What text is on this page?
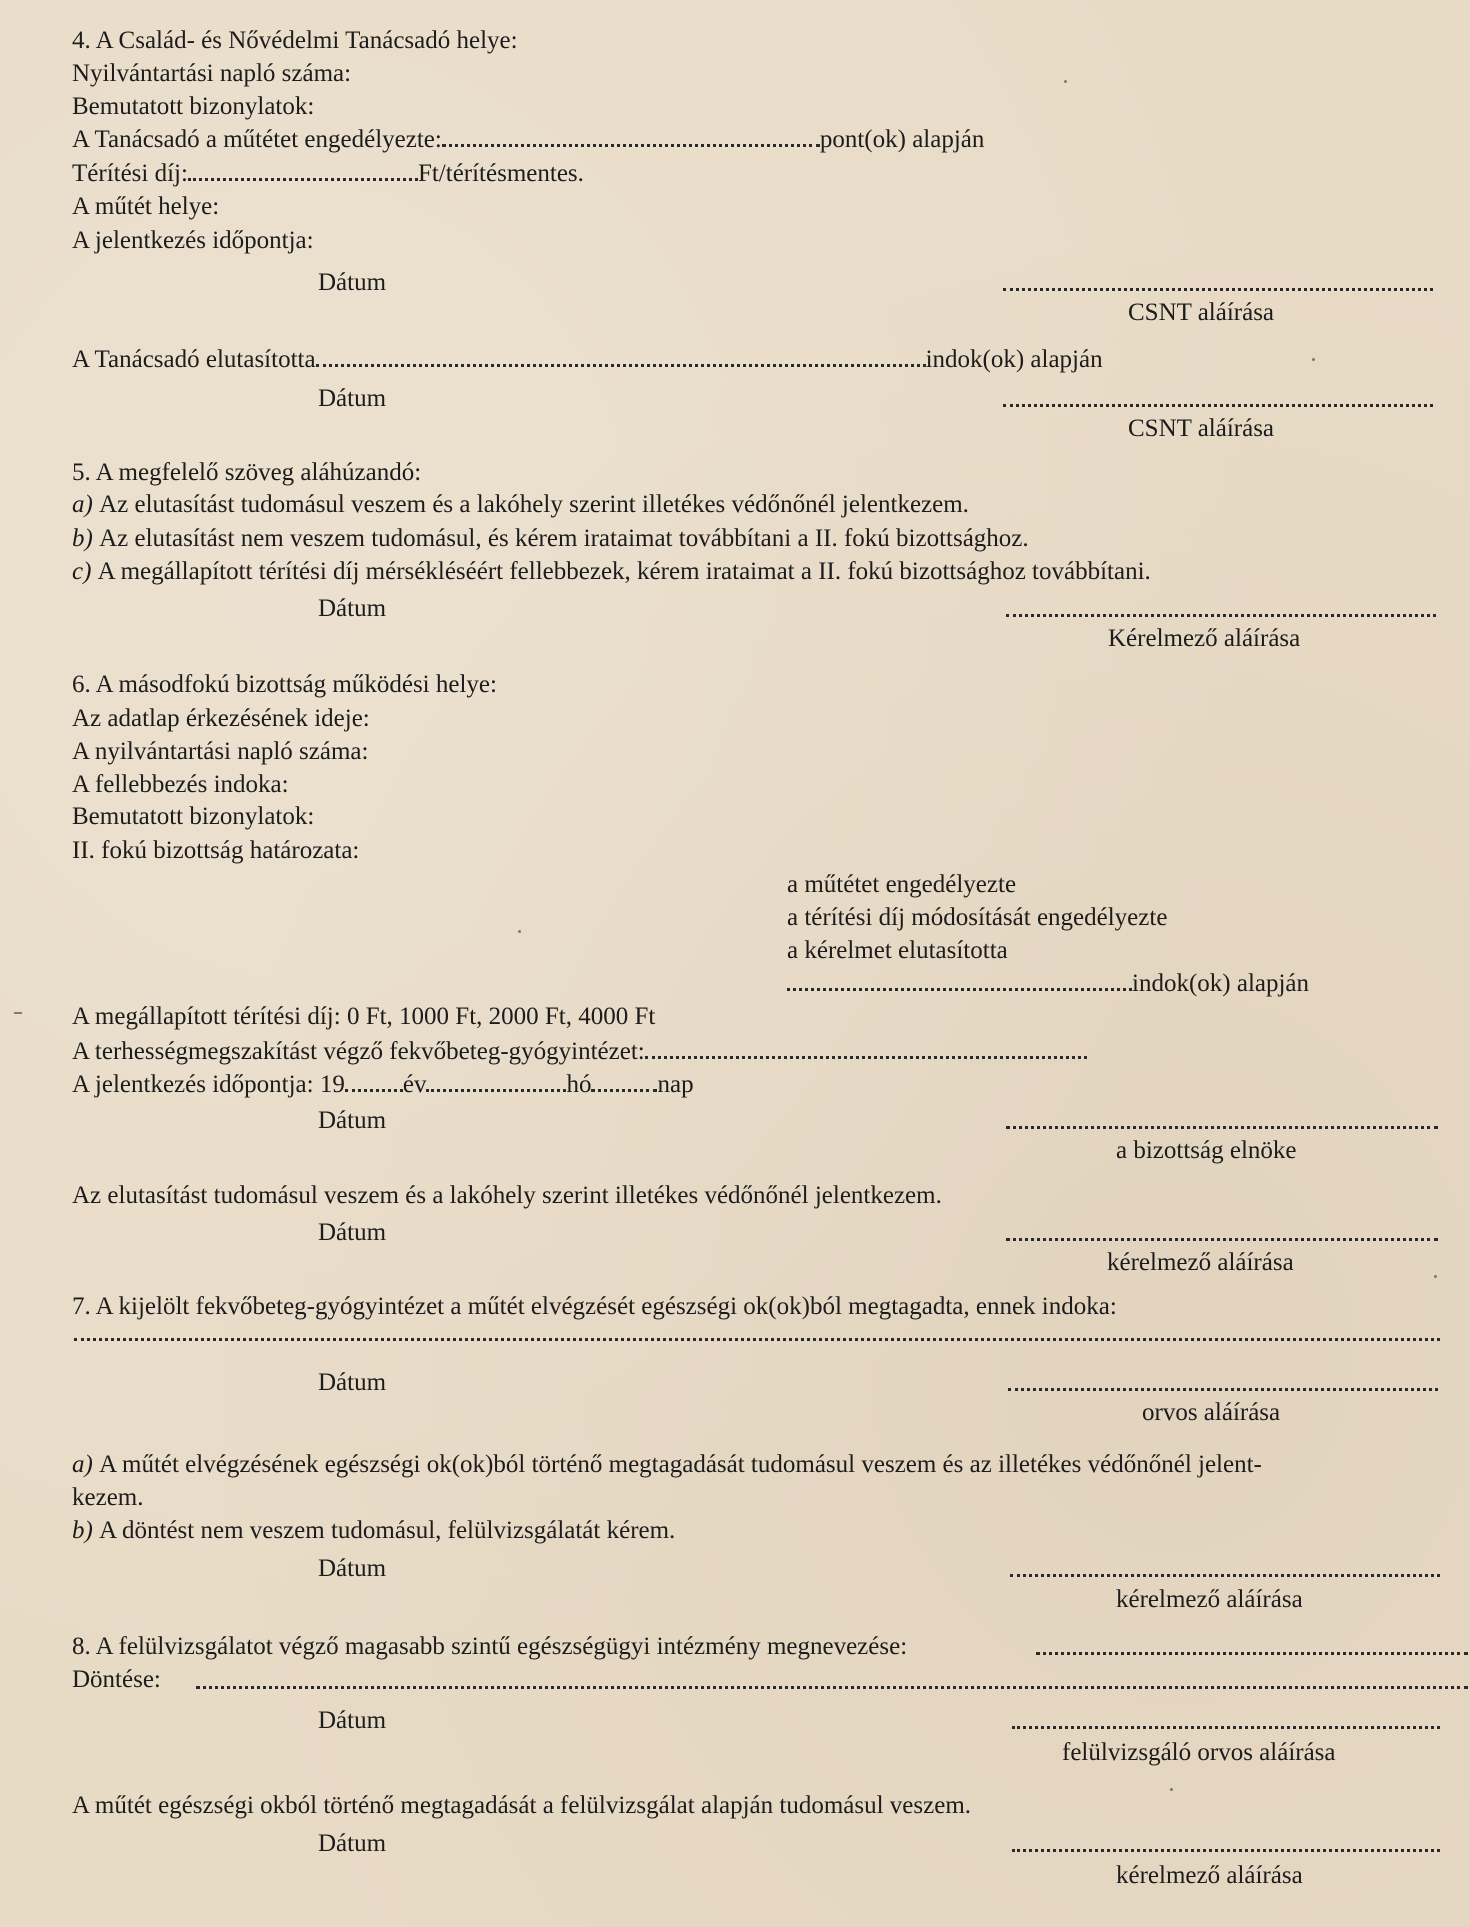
4. A Család- és Nővédelmi Tanácsadó helye:
Nyilvántartási napló száma:
Bemutatott bizonylatok:
A Tanácsadó a műtétet engedélyezte:	pont(ok) alapján
Térítési díj:	Ft/térítésmentes.
A műtét helye:
A jelentkezés időpontja:
Dátum
CSNT aláírása
A Tanácsadó elutasította	indok(ok) alapján
Dátum
CSNT aláírása
5. A megfelelő szöveg aláhúzandó:
a) Az elutasítást tudomásul veszem és a lakóhely szerint illetékes védőnőnél jelentkezem.
b) Az elutasítást nem veszem tudomásul, és kérem irataimat továbbítani a II. fokú bizottsághoz.
c) A megállapított térítési díj mérsékléséért fellebbezek, kérem irataimat a II. fokú bizottsághoz továbbítani.
Dátum
Kérelmező aláírása
6. A másodfokú bizottság működési helye:
Az adatlap érkezésének ideje:
A nyilvántartási napló száma:
A fellebbezés indoka:
Bemutatott bizonylatok:
II. fokú bizottság határozata:
a műtétet engedélyezte
a térítési díj módosítását engedélyezte
a kérelmet elutasította
indok(ok) alapján
A megállapított térítési díj: 0 Ft, 1000 Ft, 2000 Ft, 4000 Ft
A terhességmegszakítást végző fekvőbeteg-gyógyintézet:
A jelentkezés időpontja: 19 év	hó	nap
Dátum
a bizottság elnöke
Az elutasítást tudomásul veszem és a lakóhely szerint illetékes védőnőnél jelentkezem.
Dátum
kérelmező aláírása
7. A kijelölt fekvőbeteg-gyógyintézet a műtét elvégzését egészségi ok(ok)ból megtagadta, ennek indoka:
Dátum
orvos aláírása
a) A műtét elvégzésének egészségi ok(ok)ból történő megtagadását tudomásul veszem és az illetékes védőnőnél jelent-
kezem.
b) A döntést nem veszem tudomásul, felülvizsgálatát kérem.
Dátum
kérelmező aláírása
8. A felülvizsgálatot végző magasabb szintű egészségügyi intézmény megnevezése:
Döntése:
Dátum
felülvizsgáló orvos aláírása
A műtét egészségi okból történő megtagadását a felülvizsgálat alapján tudomásul veszem.
Dátum
kérelmező aláírása
